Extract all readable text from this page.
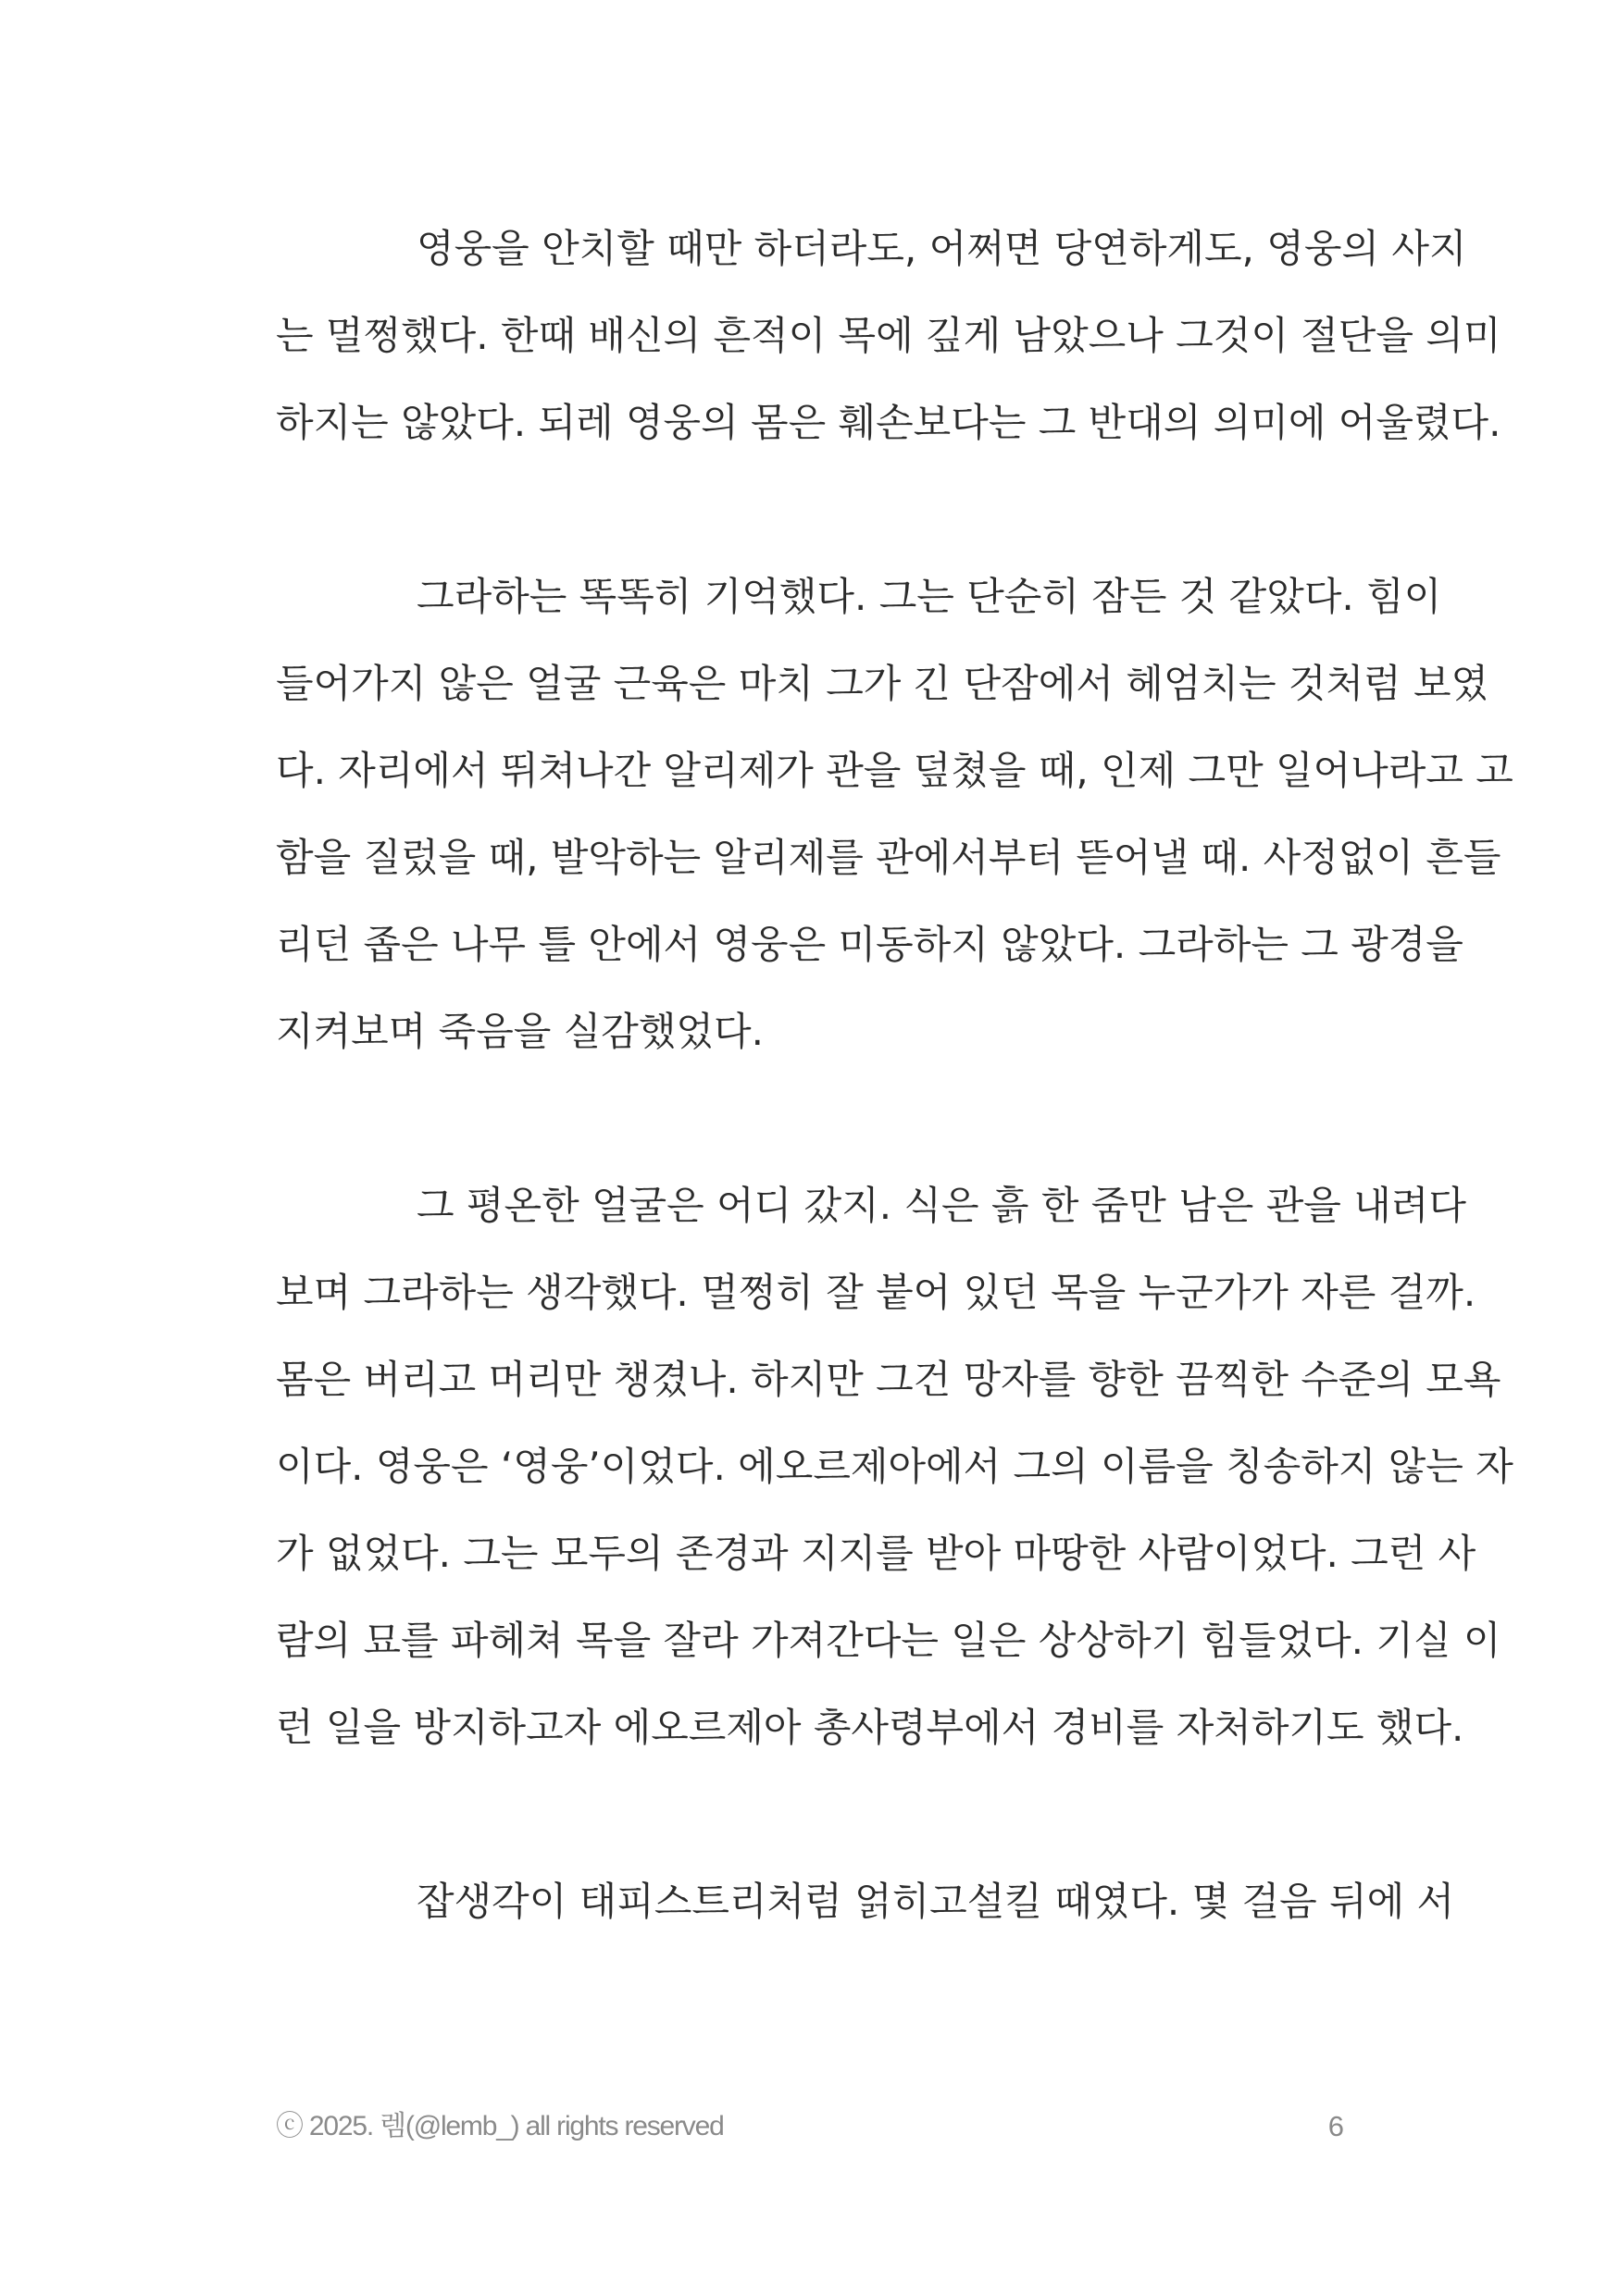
영웅을 안치할 때만 하더라도, 어쩌면 당연하게도, 영웅의 사지
는 멀쩡했다. 한때 배신의 흔적이 목에 깊게 남았으나 그것이 절단을 의미
하지는 않았다. 되레 영웅의 몸은 훼손보다는 그 반대의 의미에 어울렸다.
그라하는 똑똑히 기억했다. 그는 단순히 잠든 것 같았다. 힘이
들어가지 않은 얼굴 근육은 마치 그가 긴 단잠에서 헤엄치는 것처럼 보였
다. 자리에서 뛰쳐나간 알리제가 관을 덮쳤을 때, 인제 그만 일어나라고 고
함을 질렀을 때, 발악하는 알리제를 관에서부터 뜯어낼 때. 사정없이 흔들
리던 좁은 나무 틀 안에서 영웅은 미동하지 않았다. 그라하는 그 광경을
지켜보며 죽음을 실감했었다.
그 평온한 얼굴은 어디 갔지. 식은 흙 한 줌만 남은 관을 내려다
보며 그라하는 생각했다. 멀쩡히 잘 붙어 있던 목을 누군가가 자른 걸까.
몸은 버리고 머리만 챙겼나. 하지만 그건 망자를 향한 끔찍한 수준의 모욕
이다. 영웅은 ‘영웅’이었다. 에오르제아에서 그의 이름을 칭송하지 않는 자
가 없었다. 그는 모두의 존경과 지지를 받아 마땅한 사람이었다. 그런 사
람의 묘를 파헤쳐 목을 잘라 가져간다는 일은 상상하기 힘들었다. 기실 이
런 일을 방지하고자 에오르제아 총사령부에서 경비를 자처하기도 했다.
잡생각이 태피스트리처럼 얽히고설킬 때였다. 몇 걸음 뒤에 서
ⓒ 2025. 렘(@lemb_) all rights reserved	6
